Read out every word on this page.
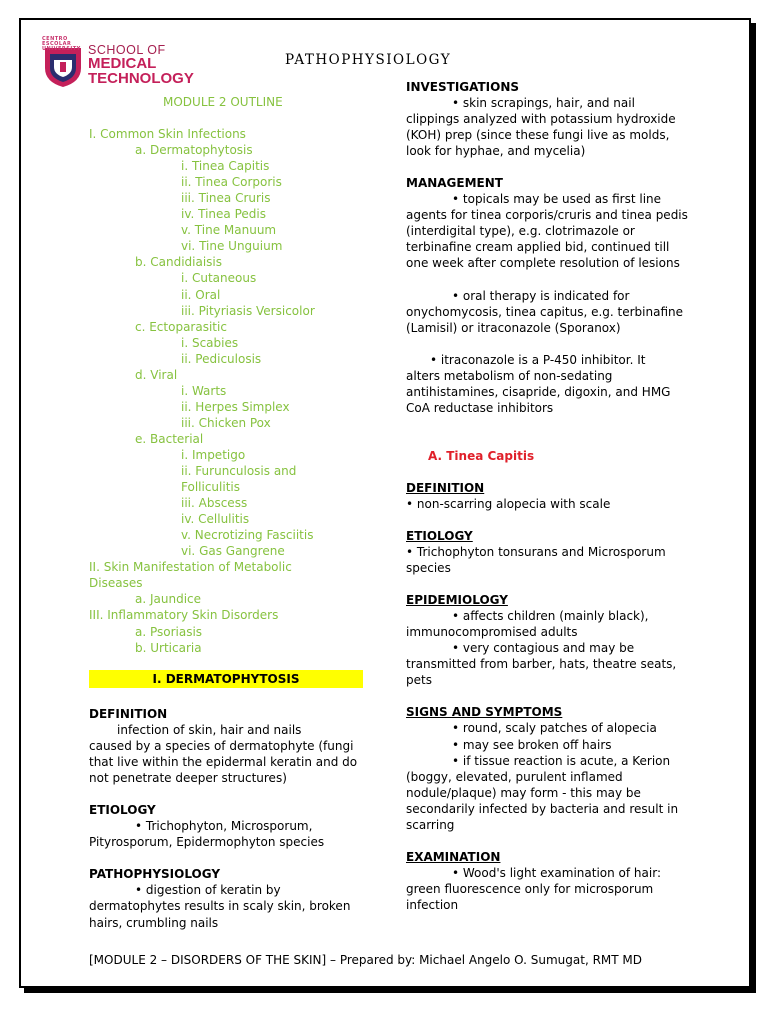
CENTRO ESCOLAR UNIVERSITY SCHOOL OF
MEDICAL
TECHNOLOGY
PATHOPHYSIOLOGY
MODULE 2 OUTLINE
I. Common Skin Infections
a. Dermatophytosis
i. Tinea Capitis
ii. Tinea Corporis
iii. Tinea Cruris
iv. Tinea Pedis
v. Tine Manuum
vi. Tine Unguium
b. Candidiaisis
i. Cutaneous
ii. Oral
iii. Pityriasis Versicolor
c. Ectoparasitic
i. Scabies
ii. Pediculosis
d. Viral
i. Warts
ii. Herpes Simplex
iii. Chicken Pox
e. Bacterial
i. Impetigo
ii. Furunculosis and
Folliculitis
iii. Abscess
iv. Cellulitis
v. Necrotizing Fasciitis
vi. Gas Gangrene
II. Skin Manifestation of Metabolic
Diseases
a. Jaundice
III. Inflammatory Skin Disorders
a. Psoriasis
b. Urticaria
I. DERMATOPHYTOSIS
DEFINITION
infection of skin, hair and nails
caused by a species of dermatophyte (fungi that live within the epidermal keratin and do not penetrate deeper structures)
ETIOLOGY
• Trichophyton, Microsporum,
Pityrosporum, Epidermophyton species
PATHOPHYSIOLOGY
• digestion of keratin by
dermatophytes results in scaly skin, broken hairs, crumbling nails
INVESTIGATIONS
• skin scrapings, hair, and nail
clippings analyzed with potassium hydroxide (KOH) prep (since these fungi live as molds, look for hyphae, and mycelia)
MANAGEMENT
• topicals may be used as first line
agents for tinea corporis/cruris and tinea pedis (interdigital type), e.g. clotrimazole or terbinafine cream applied bid, continued till one week after complete resolution of lesions
• oral therapy is indicated for
onychomycosis, tinea capitus, e.g. terbinafine (Lamisil) or itraconazole (Sporanox)
• itraconazole is a P-450 inhibitor. It
alters metabolism of non-sedating antihistamines, cisapride, digoxin, and HMG CoA reductase inhibitors
A. Tinea Capitis
DEFINITION
• non-scarring alopecia with scale
ETIOLOGY
• Trichophyton tonsurans and Microsporum species
EPIDEMIOLOGY
• affects children (mainly black),
immunocompromised adults
• very contagious and may be
transmitted from barber, hats, theatre seats, pets
SIGNS AND SYMPTOMS
• round, scaly patches of alopecia
• may see broken off hairs
• if tissue reaction is acute, a Kerion
(boggy, elevated, purulent inflamed nodule/plaque) may form - this may be secondarily infected by bacteria and result in scarring
EXAMINATION
• Wood's light examination of hair:
green fluorescence only for microsporum infection
[MODULE 2 – DISORDERS OF THE SKIN] – Prepared by: Michael Angelo O. Sumugat, RMT MD
